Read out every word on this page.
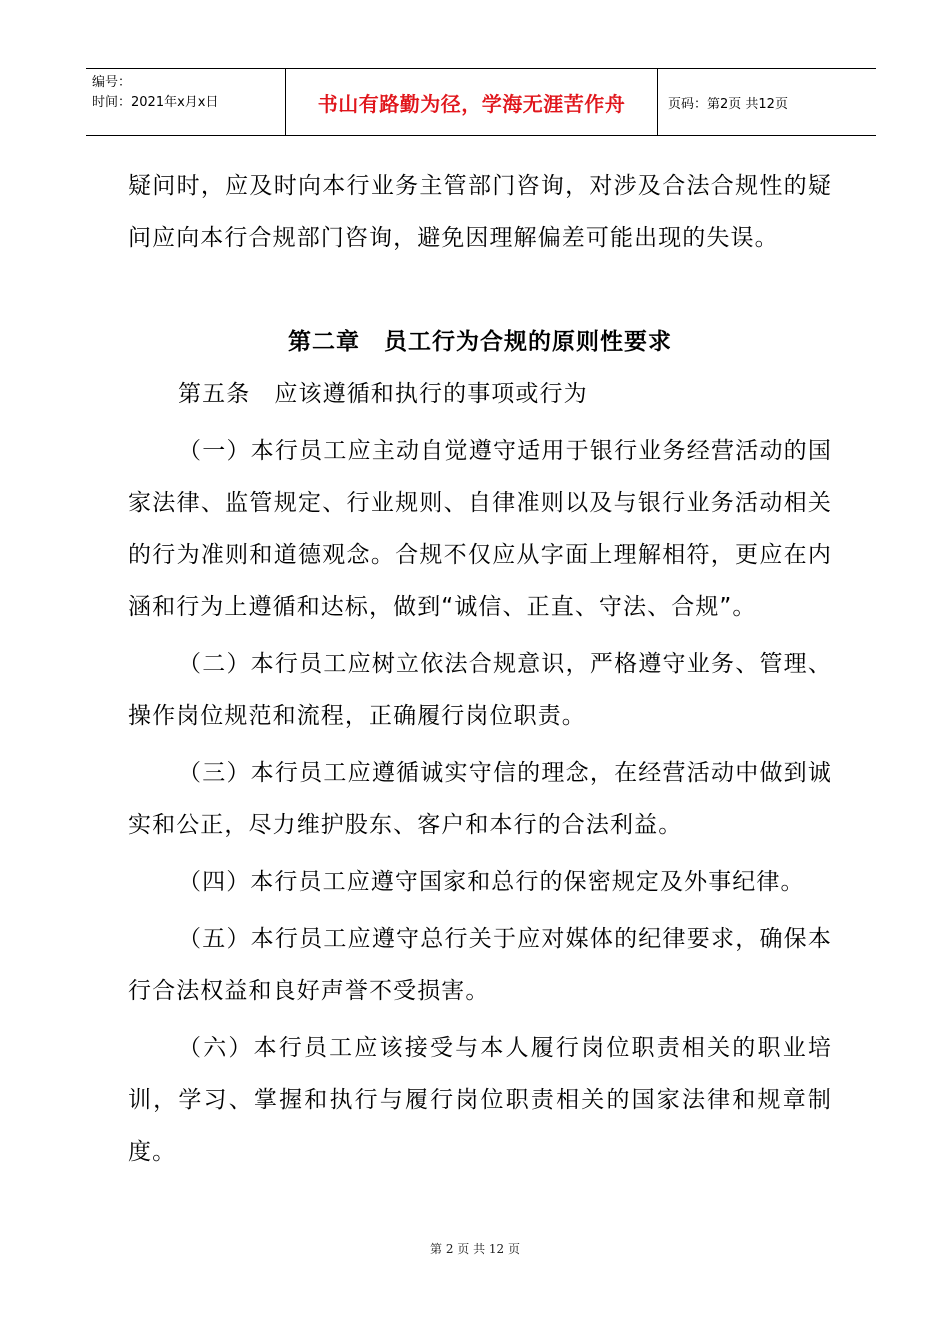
编号：
时间：2021年x月x日	书山有路勤为径，学海无涯苦作舟	页码：第2页 共12页

疑问时，应及时向本行业务主管部门咨询，对涉及合法合规性的疑问应向本行合规部门咨询，避免因理解偏差可能出现的失误。

第二章　员工行为合规的原则性要求

第五条　应该遵循和执行的事项或行为

（一）本行员工应主动自觉遵守适用于银行业务经营活动的国家法律、监管规定、行业规则、自律准则以及与银行业务活动相关的行为准则和道德观念。合规不仅应从字面上理解相符，更应在内涵和行为上遵循和达标，做到“诚信、正直、守法、合规”。

（二）本行员工应树立依法合规意识，严格遵守业务、管理、操作岗位规范和流程，正确履行岗位职责。

（三）本行员工应遵循诚实守信的理念，在经营活动中做到诚实和公正，尽力维护股东、客户和本行的合法利益。

（四）本行员工应遵守国家和总行的保密规定及外事纪律。

（五）本行员工应遵守总行关于应对媒体的纪律要求，确保本行合法权益和良好声誉不受损害。

（六）本行员工应该接受与本人履行岗位职责相关的职业培训，学习、掌握和执行与履行岗位职责相关的国家法律和规章制度。

第 2 页 共 12 页
